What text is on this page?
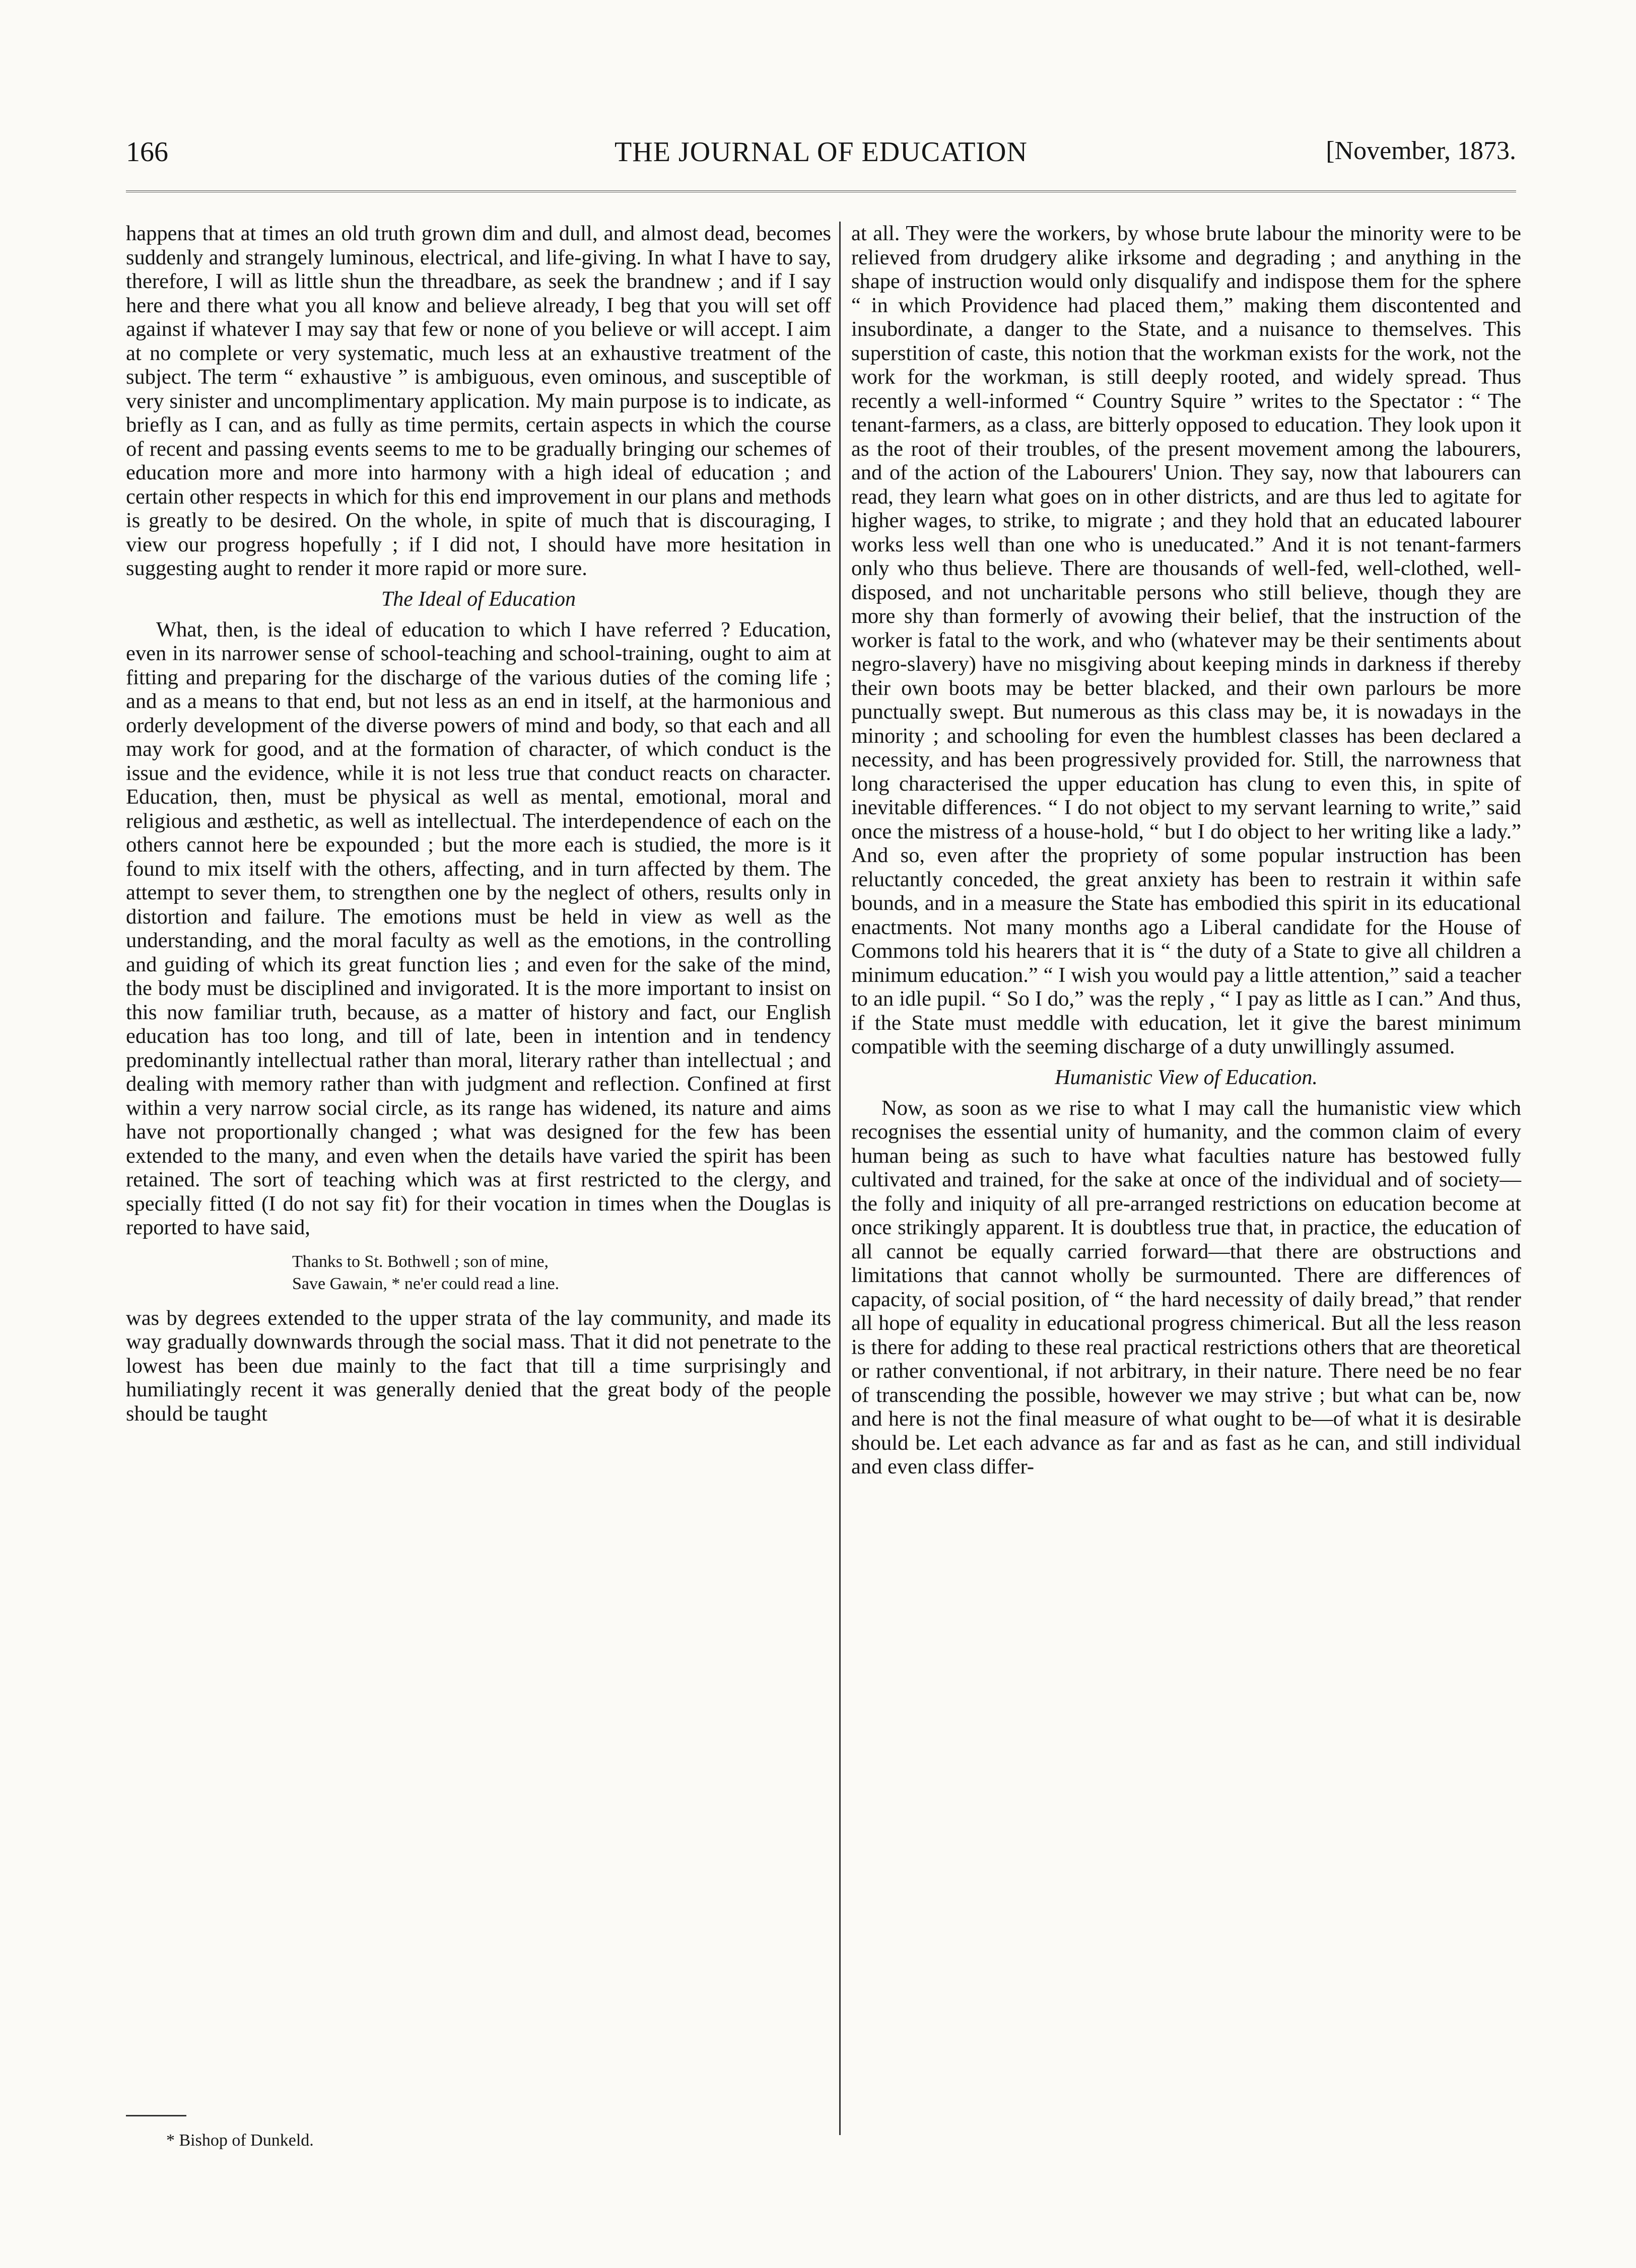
166	THE JOURNAL OF EDUCATION	[November, 1873.

happens that at times an old truth grown dim and dull, and almost dead, becomes suddenly and strangely luminous, electrical, and life-giving. In what I have to say, therefore, I will as little shun the threadbare, as seek the brandnew ; and if I say here and there what you all know and believe already, I beg that you will set off against if whatever I may say that few or none of you believe or will accept. I aim at no complete or very systematic, much less at an exhaustive treatment of the subject. The term “ exhaustive ” is ambiguous, even ominous, and susceptible of very sinister and uncomplimentary application. My main purpose is to indicate, as briefly as I can, and as fully as time permits, certain aspects in which the course of recent and passing events seems to me to be gradually bringing our schemes of education more and more into harmony with a high ideal of education ; and certain other respects in which for this end improvement in our plans and methods is greatly to be desired. On the whole, in spite of much that is discouraging, I view our progress hopefully ; if I did not, I should have more hesitation in suggesting aught to render it more rapid or more sure.

The Ideal of Education

What, then, is the ideal of education to which I have referred ? Education, even in its narrower sense of school-teaching and school-training, ought to aim at fitting and preparing for the discharge of the various duties of the coming life ; and as a means to that end, but not less as an end in itself, at the harmonious and orderly development of the diverse powers of mind and body, so that each and all may work for good, and at the formation of character, of which conduct is the issue and the evidence, while it is not less true that conduct reacts on character. Education, then, must be physical as well as mental, emotional, moral and religious and æsthetic, as well as intellectual. The interdependence of each on the others cannot here be expounded ; but the more each is studied, the more is it found to mix itself with the others, affecting, and in turn affected by them. The attempt to sever them, to strengthen one by the neglect of others, results only in distortion and failure. The emotions must be held in view as well as the understanding, and the moral faculty as well as the emotions, in the controlling and guiding of which its great function lies ; and even for the sake of the mind, the body must be disciplined and invigorated. It is the more important to insist on this now familiar truth, because, as a matter of history and fact, our English education has too long, and till of late, been in intention and in tendency predominantly intellectual rather than moral, literary rather than intellectual ; and dealing with memory rather than with judgment and reflection. Confined at first within a very narrow social circle, as its range has widened, its nature and aims have not proportionally changed ; what was designed for the few has been extended to the many, and even when the details have varied the spirit has been retained. The sort of teaching which was at first restricted to the clergy, and specially fitted (I do not say fit) for their vocation in times when the Douglas is reported to have said,

Thanks to St. Bothwell ; son of mine,
Save Gawain, * ne'er could read a line.

was by degrees extended to the upper strata of the lay community, and made its way gradually downwards through the social mass. That it did not penetrate to the lowest has been due mainly to the fact that till a time surprisingly and humiliatingly recent it was generally denied that the great body of the people should be taught

at all. They were the workers, by whose brute labour the minority were to be relieved from drudgery alike irksome and degrading ; and anything in the shape of instruction would only disqualify and indispose them for the sphere “ in which Providence had placed them,” making them discontented and insubordinate, a danger to the State, and a nuisance to themselves. This superstition of caste, this notion that the workman exists for the work, not the work for the workman, is still deeply rooted, and widely spread. Thus recently a well-informed “ Country Squire ” writes to the Spectator : “ The tenant-farmers, as a class, are bitterly opposed to education. They look upon it as the root of their troubles, of the present movement among the labourers, and of the action of the Labourers' Union. They say, now that labourers can read, they learn what goes on in other districts, and are thus led to agitate for higher wages, to strike, to migrate ; and they hold that an educated labourer works less well than one who is uneducated.” And it is not tenant-farmers only who thus believe. There are thousands of well-fed, well-clothed, well-disposed, and not uncharitable persons who still believe, though they are more shy than formerly of avowing their belief, that the instruction of the worker is fatal to the work, and who (whatever may be their sentiments about negro-slavery) have no misgiving about keeping minds in darkness if thereby their own boots may be better blacked, and their own parlours be more punctually swept. But numerous as this class may be, it is nowadays in the minority ; and schooling for even the humblest classes has been declared a necessity, and has been progressively provided for. Still, the narrowness that long characterised the upper education has clung to even this, in spite of inevitable differences. “ I do not object to my servant learning to write,” said once the mistress of a house-hold, “ but I do object to her writing like a lady.” And so, even after the propriety of some popular instruction has been reluctantly conceded, the great anxiety has been to restrain it within safe bounds, and in a measure the State has embodied this spirit in its educational enactments. Not many months ago a Liberal candidate for the House of Commons told his hearers that it is “ the duty of a State to give all children a minimum education.” “ I wish you would pay a little attention,” said a teacher to an idle pupil. “ So I do,” was the reply , “ I pay as little as I can.” And thus, if the State must meddle with education, let it give the barest minimum compatible with the seeming discharge of a duty unwillingly assumed.

Humanistic View of Education.

Now, as soon as we rise to what I may call the humanistic view which recognises the essential unity of humanity, and the common claim of every human being as such to have what faculties nature has bestowed fully cultivated and trained, for the sake at once of the individual and of society—the folly and iniquity of all pre-arranged restrictions on education become at once strikingly apparent. It is doubtless true that, in practice, the education of all cannot be equally carried forward—that there are obstructions and limitations that cannot wholly be surmounted. There are differences of capacity, of social position, of “ the hard necessity of daily bread,” that render all hope of equality in educational progress chimerical. But all the less reason is there for adding to these real practical restrictions others that are theoretical or rather conventional, if not arbitrary, in their nature. There need be no fear of transcending the possible, however we may strive ; but what can be, now and here is not the final measure of what ought to be—of what it is desirable should be. Let each advance as far and as fast as he can, and still individual and even class differ-

* Bishop of Dunkeld.
